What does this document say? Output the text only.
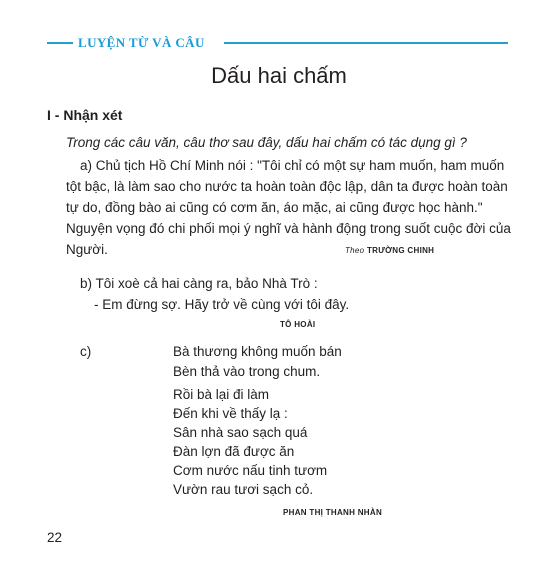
LUYỆN TỪ VÀ CÂU
Dấu hai chấm
I - Nhận xét
Trong các câu văn, câu thơ sau đây, dấu hai chấm có tác dụng gì ?

a) Chủ tịch Hồ Chí Minh nói : "Tôi chỉ có một sự ham muốn, ham muốn tột bậc, là làm sao cho nước ta hoàn toàn độc lập, dân ta được hoàn toàn tự do, đồng bào ai cũng có cơm ăn, áo mặc, ai cũng được học hành." Nguyện vọng đó chi phối mọi ý nghĩ và hành động trong suốt cuộc đời của Người.	Theo TRƯỜNG CHINH
b) Tôi xoè cả hai càng ra, bảo Nhà Trò :
- Em đừng sợ. Hãy trở về cùng với tôi đây.
TÔ HOÀI
c)	Bà thương không muốn bán
Bèn thả vào trong chum.
Rồi bà lại đi làm
Đến khi về thấy lạ :
Sân nhà sao sạch quá
Đàn lợn đã được ăn
Cơm nước nấu tinh tươm
Vườn rau tươi sạch cỏ.
PHAN THỊ THANH NHÀN
22
